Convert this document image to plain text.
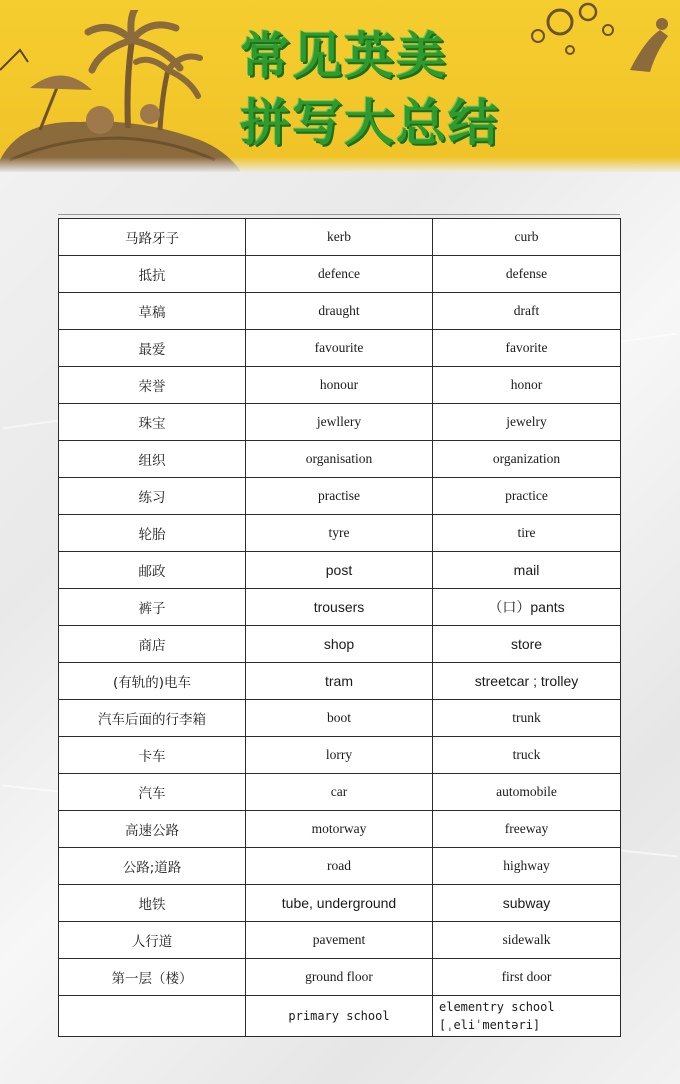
常见英美
拼写大总结
马路牙子	kerb	curb
抵抗	defence	defense
草稿	draught	draft
最爱	favourite	favorite
荣誉	honour	honor
珠宝	jewllery	jewelry
组织	organisation	organization
练习	practise	practice
轮胎	tyre	tire
邮政	post	mail
裤子	trousers	（口）pants
商店	shop	store
(有轨的)电车	tram	streetcar ; trolley
汽车后面的行李箱	boot	trunk
卡车	lorry	truck
汽车	car	automobile
高速公路	motorway	freeway
公路;道路	road	highway
地铁	tube, underground	subway
人行道	pavement	sidewalk
第一层（楼）	ground floor	first door
	primary school	elementry school
[ˌeliˈmentəri]
